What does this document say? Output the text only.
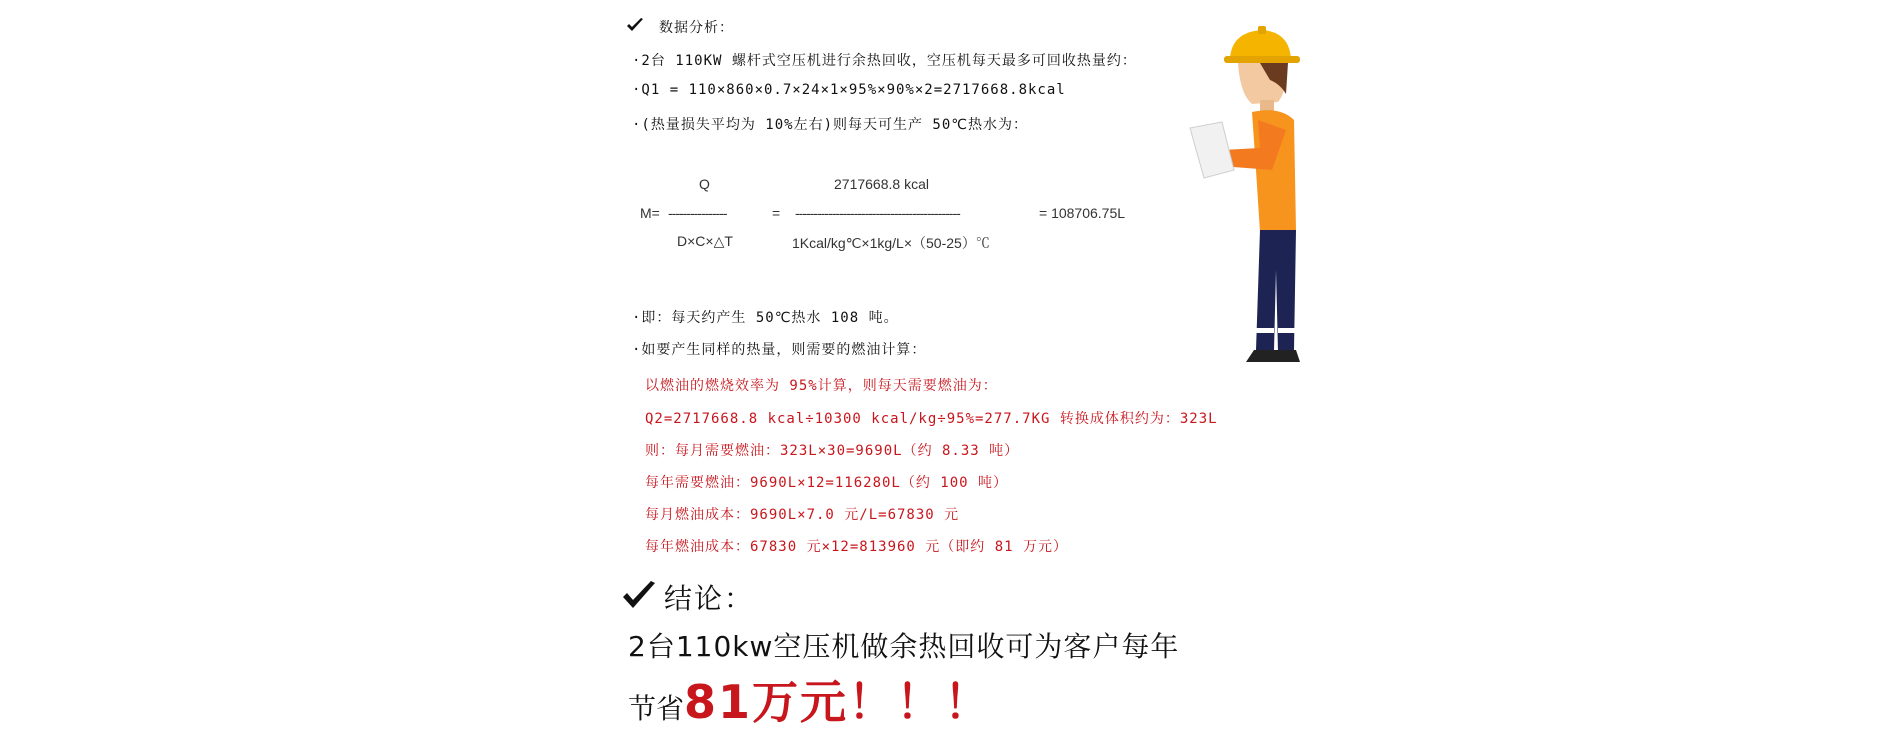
数据分析：
·2台 110KW 螺杆式空压机进行余热回收，空压机每天最多可回收热量约：
·Q1 = 110×860×0.7×24×1×95%×90%×2=2717668.8kcal
·(热量损失平均为 10%左右)则每天可生产 50℃热水为：
Q	2717668.8 kcal
M= ----------------	= ---------------------------------------------	= 108706.75L
D×C×△T	1Kcal/kg℃×1kg/L×（50-25）℃
·即：每天约产生 50℃热水 108 吨。
·如要产生同样的热量，则需要的燃油计算：
以燃油的燃烧效率为 95%计算，则每天需要燃油为：
Q2=2717668.8 kcal÷10300 kcal/kg÷95%=277.7KG 转换成体积约为：323L
则：每月需要燃油：323L×30=9690L（约 8.33 吨）
每年需要燃油：9690L×12=116280L（约 100 吨）
每月燃油成本：9690L×7.0 元/L=67830 元
每年燃油成本：67830 元×12=813960 元（即约 81 万元）
结论：
2台110kw空压机做余热回收可为客户每年
节省81万元！！！
